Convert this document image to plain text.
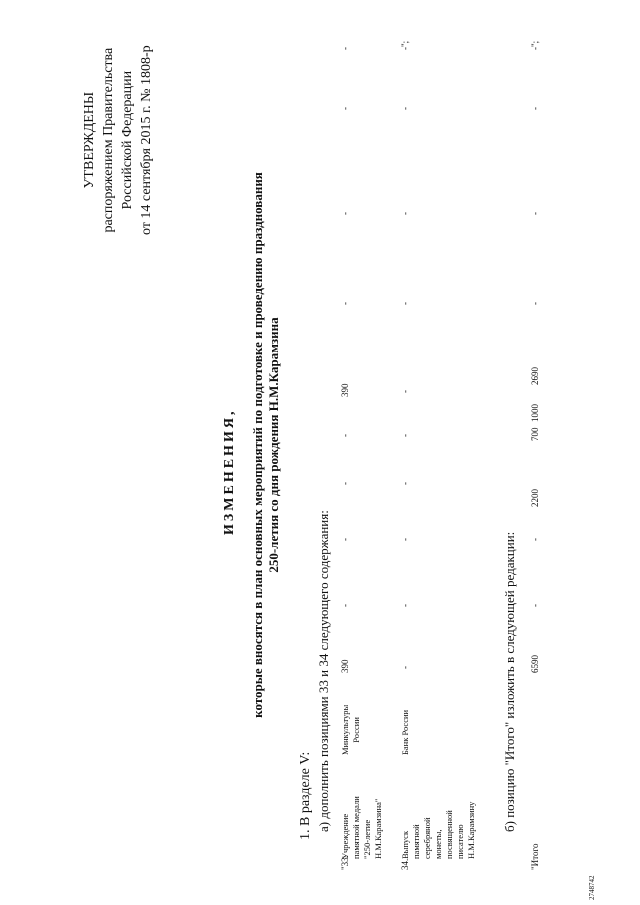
УТВЕРЖДЕНЫ распоряжением Правительства Российской Федерации от 14 сентября 2015 г. № 1808-р
ИЗМЕНЕНИЯ, которые вносятся в план основных мероприятий по подготовке и проведению празднования 250-летия со дня рождения Н.М.Карамзина
1. В разделе V: а) дополнить позициями 33 и 34 следующего содержания:
"33.
Учреждение памятной медали "250-летие Н.М.Карамзина"
Минкультуры России
390
-
-
-
-
390
-
-
-
-
34.
Выпуск памятной серебряной монеты, посвященной писателю Н.М.Карамзину
Банк России
-
-
-
-
-
-
-
-
-
-";
б) позицию "Итого" изложить в следующей редакции:
"Итого
6590
-
-
2200
700
1000
2690
-
-
-
-";
2748742
